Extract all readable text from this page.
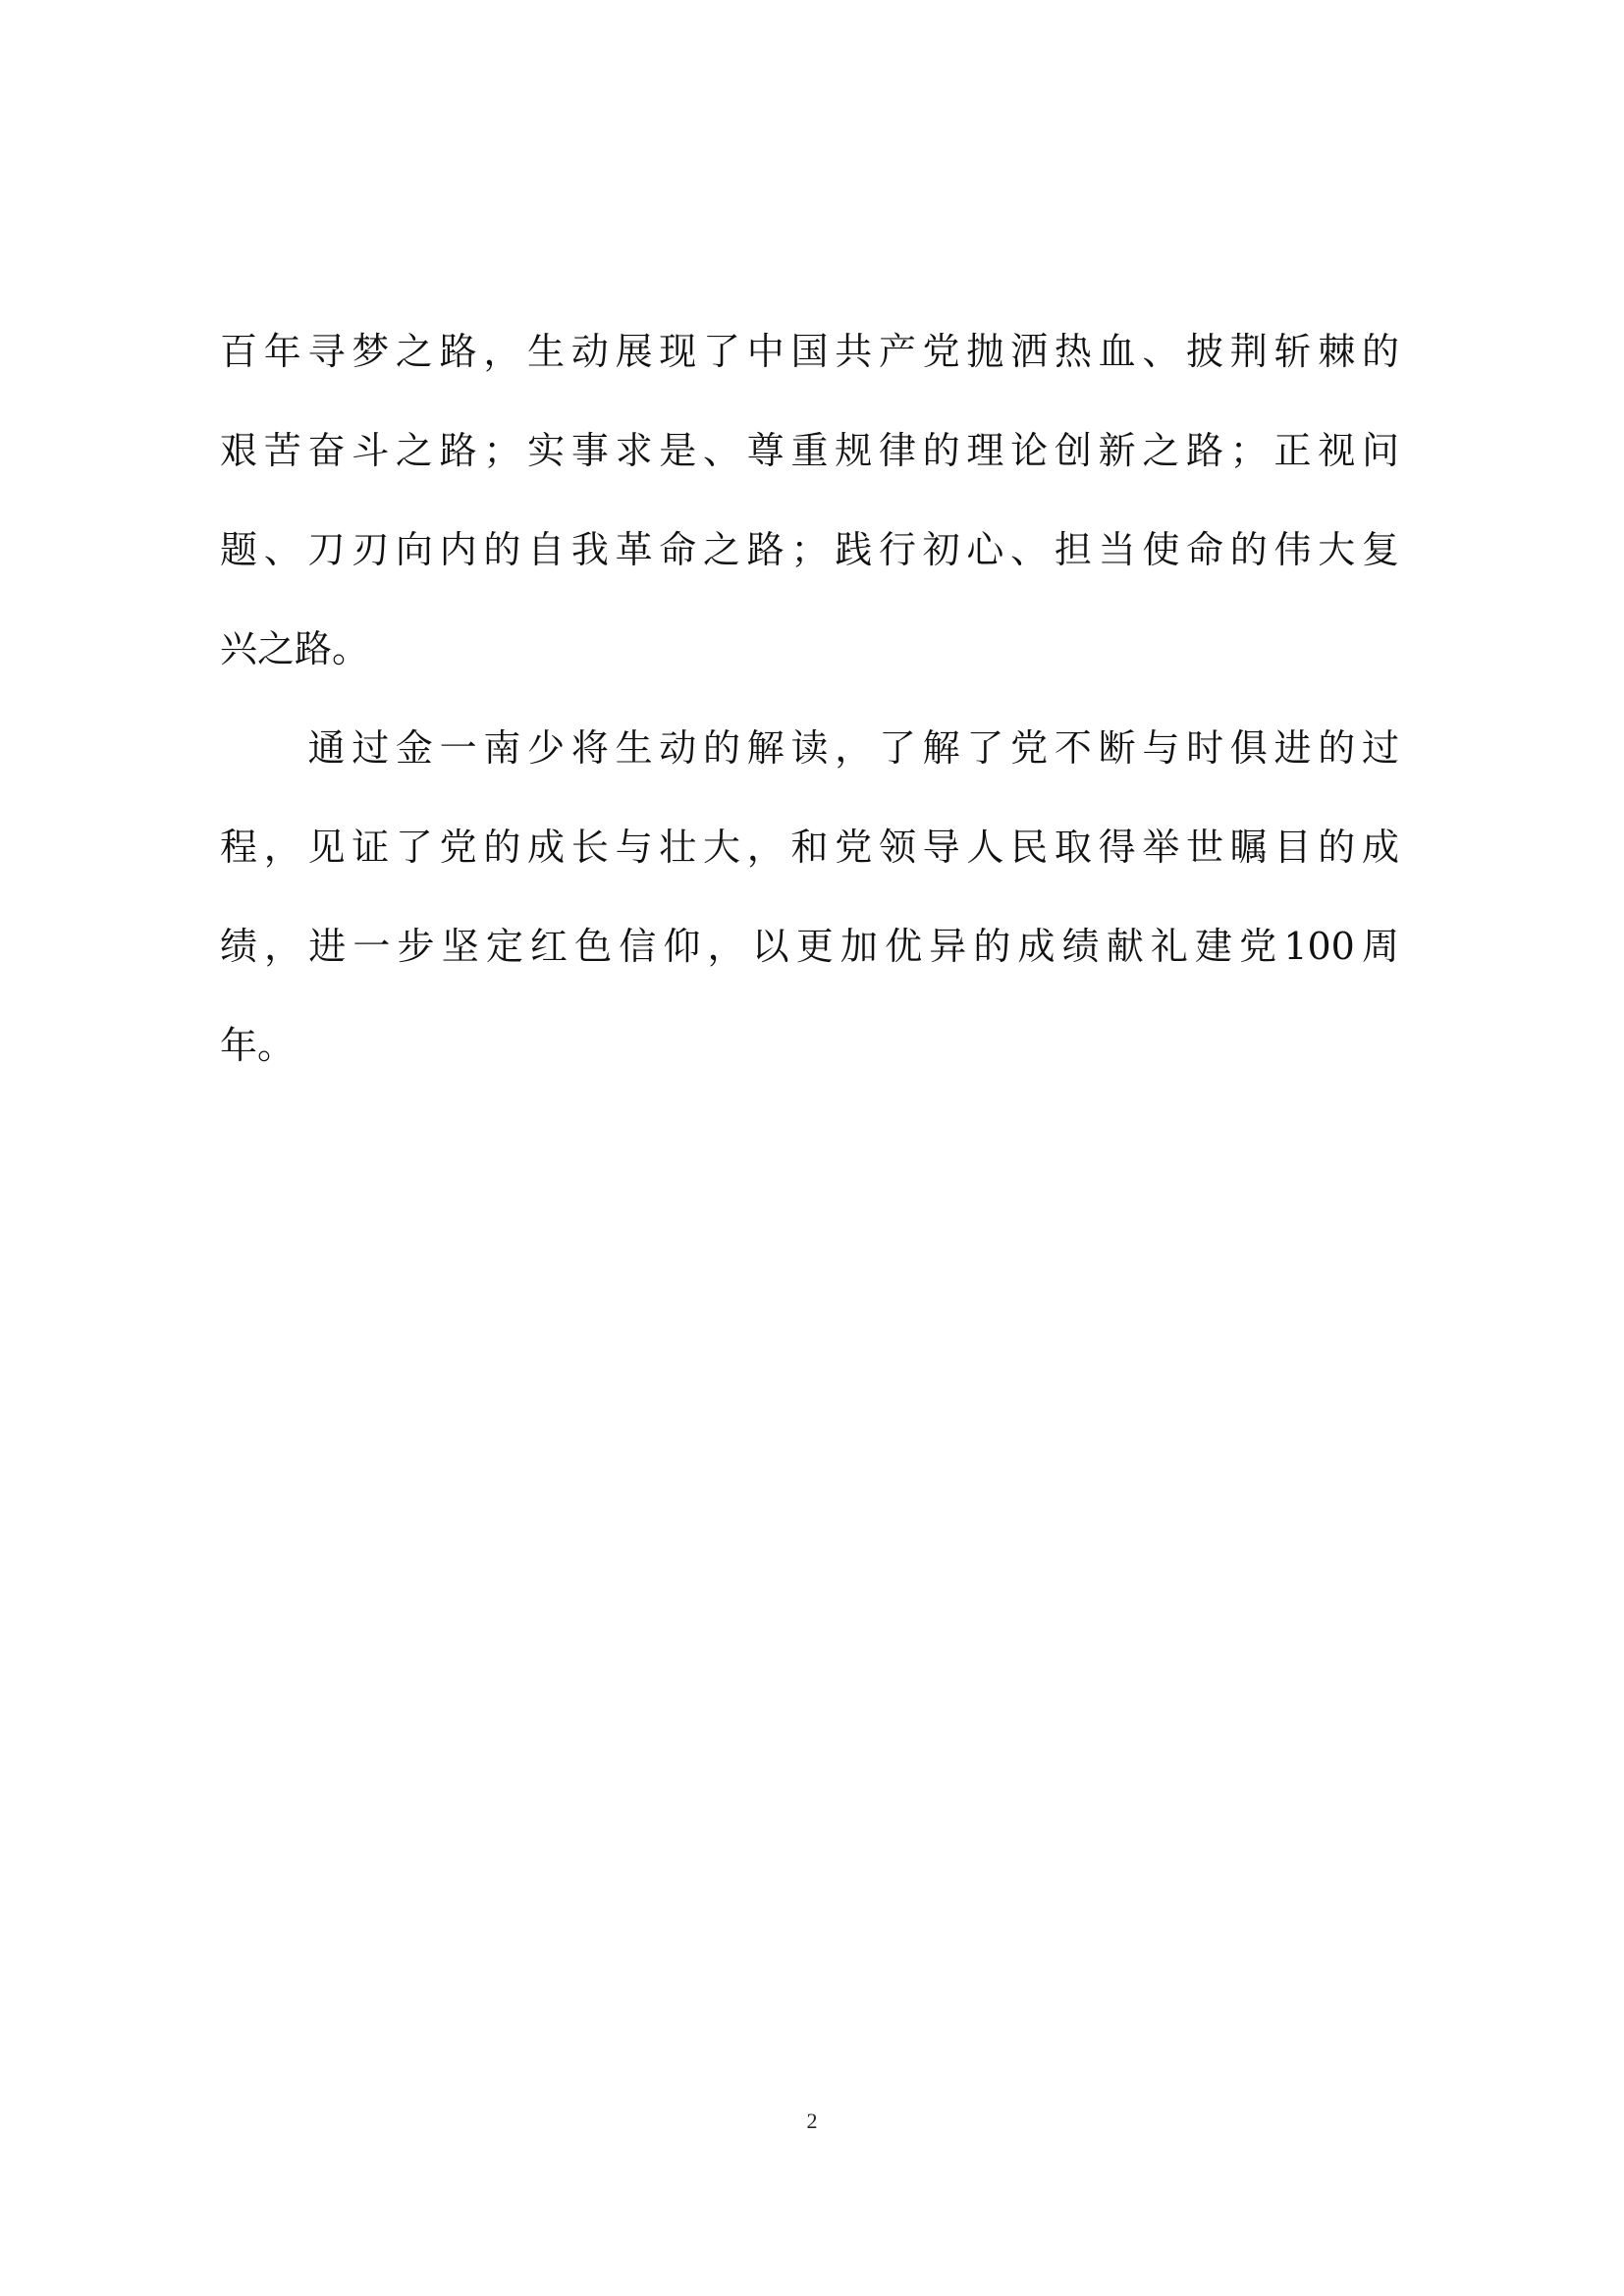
百年寻梦之路，生动展现了中国共产党抛洒热血、披荆斩棘的
艰苦奋斗之路；实事求是、尊重规律的理论创新之路；正视问
题、刀刃向内的自我革命之路；践行初心、担当使命的伟大复
兴之路。
　　通过金一南少将生动的解读，了解了党不断与时俱进的过
程，见证了党的成长与壮大，和党领导人民取得举世瞩目的成
绩，进一步坚定红色信仰，以更加优异的成绩献礼建党100周
年。
2
